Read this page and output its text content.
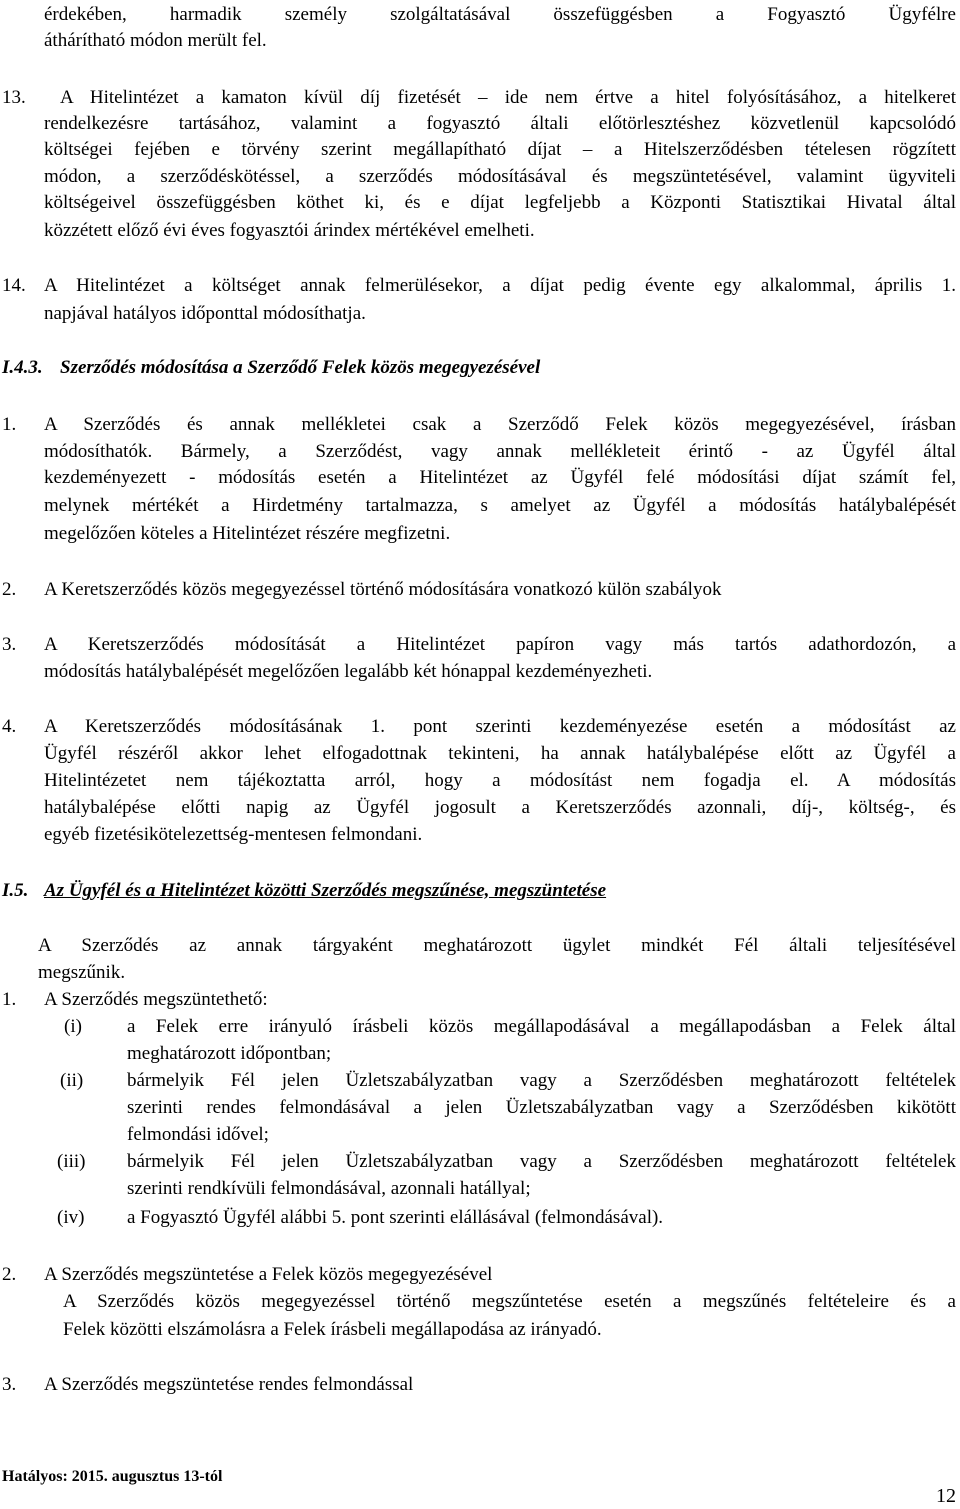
érdekében, harmadik személy szolgáltatásával összefüggésben a Fogyasztó Ügyfélre
áthárítható módon merült fel.
13. A Hitelintézet a kamaton kívül díj fizetését – ide nem értve a hitel folyósításához, a hitelkeret
rendelkezésre tartásához, valamint a fogyasztó általi előtörlesztéshez közvetlenül kapcsolódó
költségei fejében e törvény szerint megállapítható díjat – a Hitelszerződésben tételesen rögzített
módon, a szerződéskötéssel, a szerződés módosításával és megszüntetésével, valamint ügyviteli
költségeivel összefüggésben köthet ki, és e díjat legfeljebb a Központi Statisztikai Hivatal által
közzétett előző évi éves fogyasztói árindex mértékével emelheti.
14. A Hitelintézet a költséget annak felmerülésekor, a díjat pedig évente egy alkalommal, április 1.
napjával hatályos időponttal módosíthatja.
I.4.3. Szerződés módosítása a Szerződő Felek közös megegyezésével
1. A Szerződés és annak mellékletei csak a Szerződő Felek közös megegyezésével, írásban
módosíthatók. Bármely, a Szerződést, vagy annak mellékleteit érintő - az Ügyfél által
kezdeményezett - módosítás esetén a Hitelintézet az Ügyfél felé módosítási díjat számít fel,
melynek mértékét a Hirdetmény tartalmazza, s amelyet az Ügyfél a módosítás hatálybalépését
megelőzően köteles a Hitelintézet részére megfizetni.
2. A Keretszerződés közös megegyezéssel történő módosítására vonatkozó külön szabályok
3. A Keretszerződés módosítását a Hitelintézet papíron vagy más tartós adathordozón, a
módosítás hatálybalépését megelőzően legalább két hónappal kezdeményezheti.
4. A Keretszerződés módosításának 1. pont szerinti kezdeményezése esetén a módosítást az
Ügyfél részéről akkor lehet elfogadottnak tekinteni, ha annak hatálybalépése előtt az Ügyfél a
Hitelintézetet nem tájékoztatta arról, hogy a módosítást nem fogadja el. A módosítás
hatálybalépése előtti napig az Ügyfél jogosult a Keretszerződés azonnali, díj-, költség-, és
egyéb fizetésikötelezettség-mentesen felmondani.
I.5. Az Ügyfél és a Hitelintézet közötti Szerződés megszűnése, megszüntetése
A Szerződés az annak tárgyaként meghatározott ügylet mindkét Fél általi teljesítésével
megszűnik.
1. A Szerződés megszüntethető:
(i) a Felek erre irányuló írásbeli közös megállapodásával a megállapodásban a Felek által
meghatározott időpontban;
(ii) bármelyik Fél jelen Üzletszabályzatban vagy a Szerződésben meghatározott feltételek
szerinti rendes felmondásával a jelen Üzletszabályzatban vagy a Szerződésben kikötött
felmondási idővel;
(iii) bármelyik Fél jelen Üzletszabályzatban vagy a Szerződésben meghatározott feltételek
szerinti rendkívüli felmondásával, azonnali hatállyal;
(iv) a Fogyasztó Ügyfél alábbi 5. pont szerinti elállásával (felmondásával).
2. A Szerződés megszüntetése a Felek közös megegyezésével
A Szerződés közös megegyezéssel történő megszűntetése esetén a megszűnés feltételeire és a
Felek közötti elszámolásra a Felek írásbeli megállapodása az irányadó.
3. A Szerződés megszüntetése rendes felmondással
Hatályos: 2015. augusztus 13-tól
12
